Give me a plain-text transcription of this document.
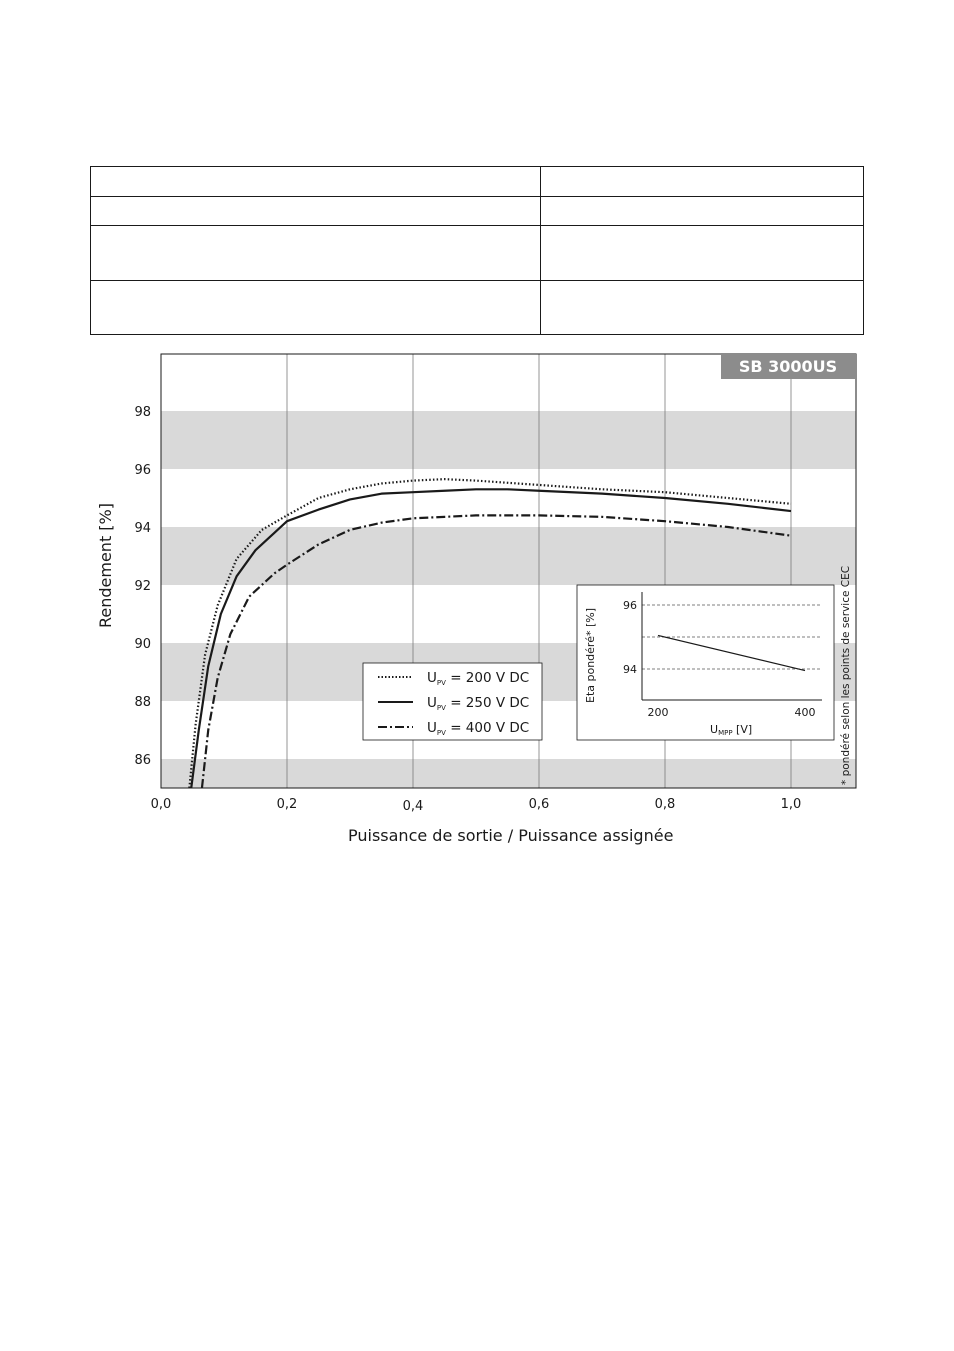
SB 3000US
86
88
90
92
94
96
98
0,0	0,2	0,4	0,6	0,8	1,0
Puissance de sortie / Puissance assignée
Rendement [%]
$U_{PV} = 200$ V DC
$U_{PV} = 250$ V DC
$U_{PV} = 400$ V DC
96
94
200	400
UMPP [V]
Eta pondéré* [%]	* pondéré selon les points de service CEC
